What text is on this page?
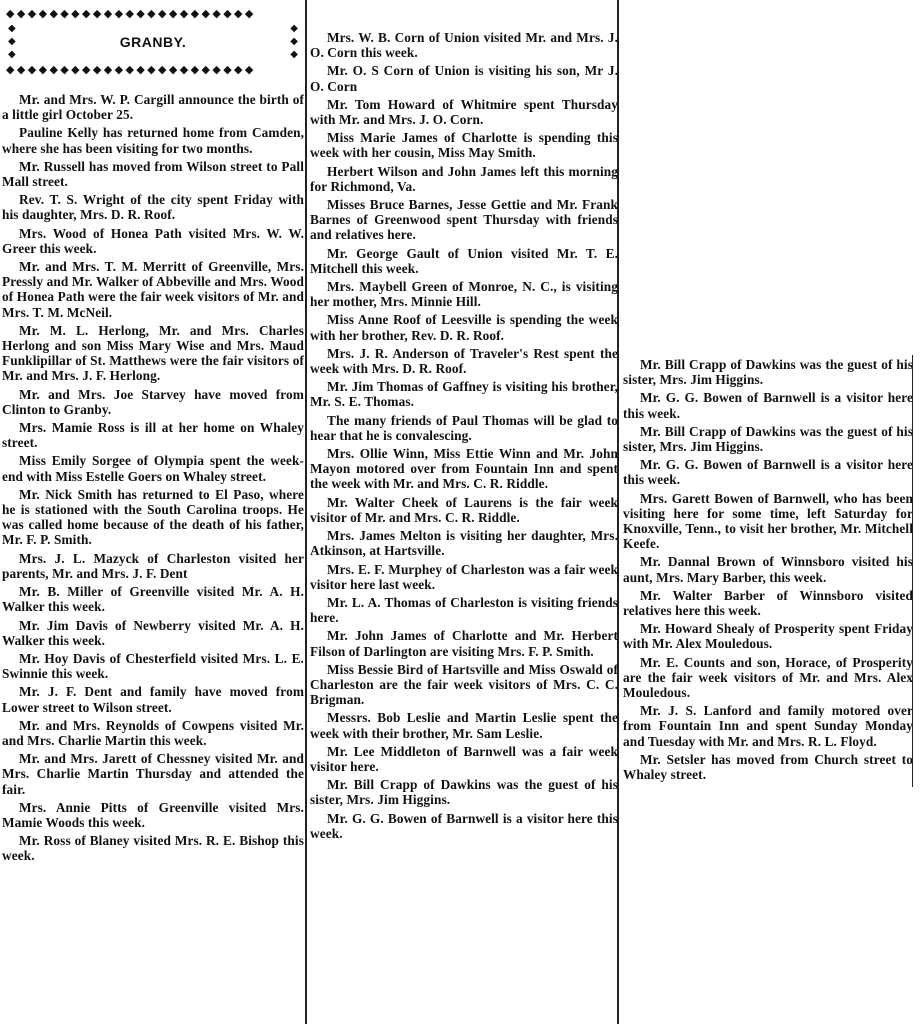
◆◆◆◆◆◆◆◆◆◆◆◆◆◆◆◆◆◆◆◆◆◆◆
◆
◆
◆
◆
◆
◆
GRANBY.
◆◆◆◆◆◆◆◆◆◆◆◆◆◆◆◆◆◆◆◆◆◆◆

Mr. and Mrs. W. P. Cargill announce the birth of a little girl October 25.

Pauline Kelly has returned home from Camden, where she has been visiting for two months.

Mr. Russell has moved from Wilson street to Pall Mall street.

Rev. T. S. Wright of the city spent Friday with his daughter, Mrs. D. R. Roof.

Mrs. Wood of Honea Path visited Mrs. W. W. Greer this week.

Mr. and Mrs. T. M. Merritt of Greenville, Mrs. Pressly and Mr. Walker of Abbeville and Mrs. Wood of Honea Path were the fair week visitors of Mr. and Mrs. T. M. McNeil.

Mr. M. L. Herlong, Mr. and Mrs. Charles Herlong and son Miss Mary Wise and Mrs. Maud Funklipillar of St. Matthews were the fair visitors of Mr. and Mrs. J. F. Herlong.

Mr. and Mrs. Joe Starvey have moved from Clinton to Granby.

Mrs. Mamie Ross is ill at her home on Whaley street.

Miss Emily Sorgee of Olympia spent the week-end with Miss Estelle Goers on Whaley street.

Mr. Nick Smith has returned to El Paso, where he is stationed with the South Carolina troops. He was called home because of the death of his father, Mr. F. P. Smith.

Mrs. J. L. Mazyck of Charleston visited her parents, Mr. and Mrs. J. F. Dent

Mr. B. Miller of Greenville visited Mr. A. H. Walker this week.

Mr. Jim Davis of Newberry visited Mr. A. H. Walker this week.

Mr. Hoy Davis of Chesterfield visited Mrs. L. E. Swinnie this week.

Mr. J. F. Dent and family have moved from Lower street to Wilson street.

Mr. and Mrs. Reynolds of Cowpens visited Mr. and Mrs. Charlie Martin this week.

Mr. and Mrs. Jarett of Chessney visited Mr. and Mrs. Charlie Martin Thursday and attended the fair.

Mrs. Annie Pitts of Greenville visited Mrs. Mamie Woods this week.

Mr. Ross of Blaney visited Mrs. R. E. Bishop this week.

Mrs. W. B. Corn of Union visited Mr. and Mrs. J. O. Corn this week.

Mr. O. S Corn of Union is visiting his son, Mr J. O. Corn

Mr. Tom Howard of Whitmire spent Thursday with Mr. and Mrs. J. O. Corn.

Miss Marie James of Charlotte is spending this week with her cousin, Miss May Smith.

Herbert Wilson and John James left this morning for Richmond, Va.

Misses Bruce Barnes, Jesse Gettie and Mr. Frank Barnes of Greenwood spent Thursday with friends and relatives here.

Mr. George Gault of Union visited Mr. T. E. Mitchell this week.

Mrs. Maybell Green of Monroe, N. C., is visiting her mother, Mrs. Minnie Hill.

Miss Anne Roof of Leesville is spending the week with her brother, Rev. D. R. Roof.

Mrs. J. R. Anderson of Traveler's Rest spent the week with Mrs. D. R. Roof.

Mr. Jim Thomas of Gaffney is visiting his brother, Mr. S. E. Thomas.

The many friends of Paul Thomas will be glad to hear that he is convalescing.

Mrs. Ollie Winn, Miss Ettie Winn and Mr. John Mayon motored over from Fountain Inn and spent the week with Mr. and Mrs. C. R. Riddle.

Mr. Walter Cheek of Laurens is the fair week visitor of Mr. and Mrs. C. R. Riddle.

Mrs. James Melton is visiting her daughter, Mrs. Atkinson, at Hartsville.

Mrs. E. F. Murphey of Charleston was a fair week visitor here last week.

Mr. L. A. Thomas of Charleston is visiting friends here.

Mr. John James of Charlotte and Mr. Herbert Filson of Darlington are visiting Mrs. F. P. Smith.

Miss Bessie Bird of Hartsville and Miss Oswald of Charleston are the fair week visitors of Mrs. C. C. Brigman.

Messrs. Bob Leslie and Martin Leslie spent the week with their brother, Mr. Sam Leslie.

Mr. Lee Middleton of Barnwell was a fair week visitor here.

Mr. Bill Crapp of Dawkins was the guest of his sister, Mrs. Jim Higgins.

Mr. G. G. Bowen of Barnwell is a visitor here this week.

Mr. Bill Crapp of Dawkins was the guest of his sister, Mrs. Jim Higgins.

Mr. G. G. Bowen of Barnwell is a visitor here this week.

Mr. Bill Crapp of Dawkins was the guest of his sister, Mrs. Jim Higgins.

Mr. G. G. Bowen of Barnwell is a visitor here this week.

Mrs. Garett Bowen of Barnwell, who has been visiting here for some time, left Saturday for Knoxville, Tenn., to visit her brother, Mr. Mitchell Keefe.

Mr. Dannal Brown of Winnsboro visited his aunt, Mrs. Mary Barber, this week.

Mr. Walter Barber of Winnsboro visited relatives here this week.

Mr. Howard Shealy of Prosperity spent Friday with Mr. Alex Mouledous.

Mr. E. Counts and son, Horace, of Prosperity are the fair week visitors of Mr. and Mrs. Alex Mouledous.

Mr. J. S. Lanford and family motored over from Fountain Inn and spent Sunday Monday and Tuesday with Mr. and Mrs. R. L. Floyd.

Mr. Setsler has moved from Church street to Whaley street.
